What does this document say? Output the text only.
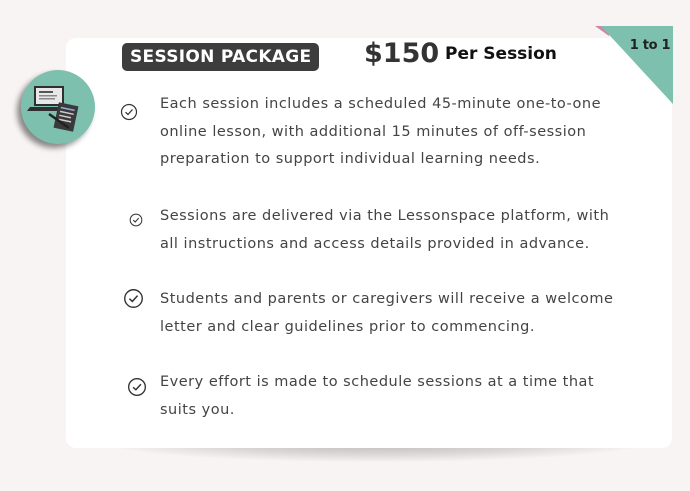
1 to 1
SESSION PACKAGE $150 Per Session
Each session includes a scheduled 45-minute one-to-one online lesson, with additional 15 minutes of off-session preparation to support individual learning needs.
Sessions are delivered via the Lessonspace platform, with all instructions and access details provided in advance.
Students and parents or caregivers will receive a welcome letter and clear guidelines prior to commencing.
Every effort is made to schedule sessions at a time that suits you.
